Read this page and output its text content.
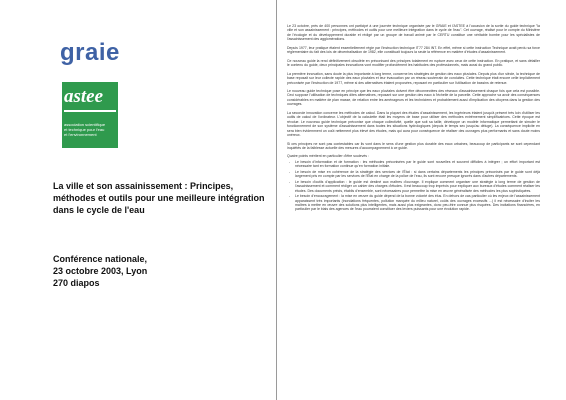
graie
astee
association scientifique
et technique pour l'eau
et l'environnement
La ville et son assainissement : Principes, méthodes et outils pour une meilleure intégration dans le cycle de l'eau
Conférence nationale,
23 octobre 2003, Lyon
270 diapos

Le 23 octobre, près de 400 personnes ont participé à une journée technique organisée par le GRAIE et l'ASTEE à l'occasion de la sortie du guide technique "la ville et son assainissement : principes, méthodes et outils pour une meilleure intégration dans le cycle de l'eau". Cet ouvrage, réalisé pour le compte du Ministère de l'écologie et du développement durable et rédigé par un groupe de travail animé par le CERTU constitue une véritable bombe pour les spécialistes de l'assainissement des agglomérations.

Depuis 1977, leur pratique étaient essentiellement régie par l'instruction technique IT77 284 INT. En effet, même si cette instruction Technique avait perdu sa force réglementaire du fait des lois de décentralisation de 1982, elle constituait toujours la seule la référence en matière d'études d'assainissement.

Ce nouveau guide la rend définitivement obsolète en préconisant des principes totalement en rupture avec ceux de cette instruction. En pratique, et sans détailler le contenu du guide, deux principales innovations vont modifier profondément les habitudes des professionnels, mais aussi du grand public.

La première innovation, sans doute la plus importante à long terme, concerne les stratégies de gestion des eaux pluviales. Depuis plus d'un siècle, la technique de base reposait sur leur collecte rapide des eaux pluviales et leur évacuation par un réseau souterrain de conduites. Cette technique était encore celle implicitement préconisée par l'instruction de 1977, même si des alternatives étaient proposées, reposant en particulier sur l'utilisation de bassins de retenue.

Le nouveau guide technique pose en principe que les eaux pluviales doivent être déconnectées des réseaux d'assainissement chaque fois que cela est possible. Ceci suppose l'utilisation de techniques dites alternatives, reposant sur une gestion des eaux à l'échelle de la parcelle. Cette approche va avoir des conséquences considérables en matière de plan masse, de relation entre les aménageurs et les techniciens et probablement aussi d'implication des citoyens dans la gestion des ouvrages.

La seconde innovation concerne les méthodes de calcul. Dans la plupart des études d'assainissement, les ingénieurs étaient jusqu'à présent très loin d'utiliser les outils de calcul de l'ordinateur. L'objectif de la calculette était les moyens de base pour utiliser des méthodes extrêmement simplificatrices. Cette époque est révolue. Le nouveau guide technique préconise que chaque collectivité, quelle que soit sa taille, développe un modèle informatique permettant de simuler le fonctionnement de son système d'assainissement dans toutes les situations hydrologiques (depuis le temps sec jusqu'au déluge). La conséquence implicite en sera bien évidemment un coût nettement plus élevé des études, mais qui aura pour conséquence de réaliser des ouvrages plus performants et sans doute moins onéreux.

Si ces principes ne sont pas contestables car ils vont dans le sens d'une gestion plus durable des eaux urbaines, beaucoup de participants se sont cependant inquiétés de la faiblesse actuelle des mesures d'accompagnement à ce guide.

Quatre points méritent en particulier d'être soulevés :

- Le besoin d'information et de formation : les méthodes préconisées par le guide sont nouvelles et souvent difficiles à intégrer ; un effort important est nécessaire tant en formation continue qu'en formation initiale.
- Le besoin de mise en cohérence de la stratégie des services de l'État : si dans certains départements les principes préconisés par le guide sont déjà largement pris en compte par les services de l'État en charge de la police de l'eau, ils sont encore presque ignorés dans d'autres départements.
- Le besoin d'outils d'application : le guide est destiné aux maîtres d'ouvrage. Il explique comment organiser une stratégie à long terme de gestion de l'assainissement et comment rédiger un cahier des charges d'études. Il est beaucoup trop imprécis pour expliquer aux bureaux d'études comment réaliser les études. Des documents précis, établis d'ensemble, sont nécessaires pour permettre la mise en œuvre généralisée des méthodes les plus sophistiquées.
- Le besoin d'encouragement : la mise en œuvre du guide dépend de la bonne volonté des élus. En dehors de cas particulier où les enjeux de l'assainissement apparaissent très importants (inondations fréquentes, pollution marquée du milieu naturel, coûts des ouvrages excessifs ...) il est nécessaire d'inciter les maîtres à mettre en œuvre des solutions plus intelligentes, mais aussi plus exigeantes, donc peu-être connue plus risquées. Des incitations financières, en particulier par le biais des agences de l'eau pourraient constituer des leviers puissants pour une évolution rapide.
